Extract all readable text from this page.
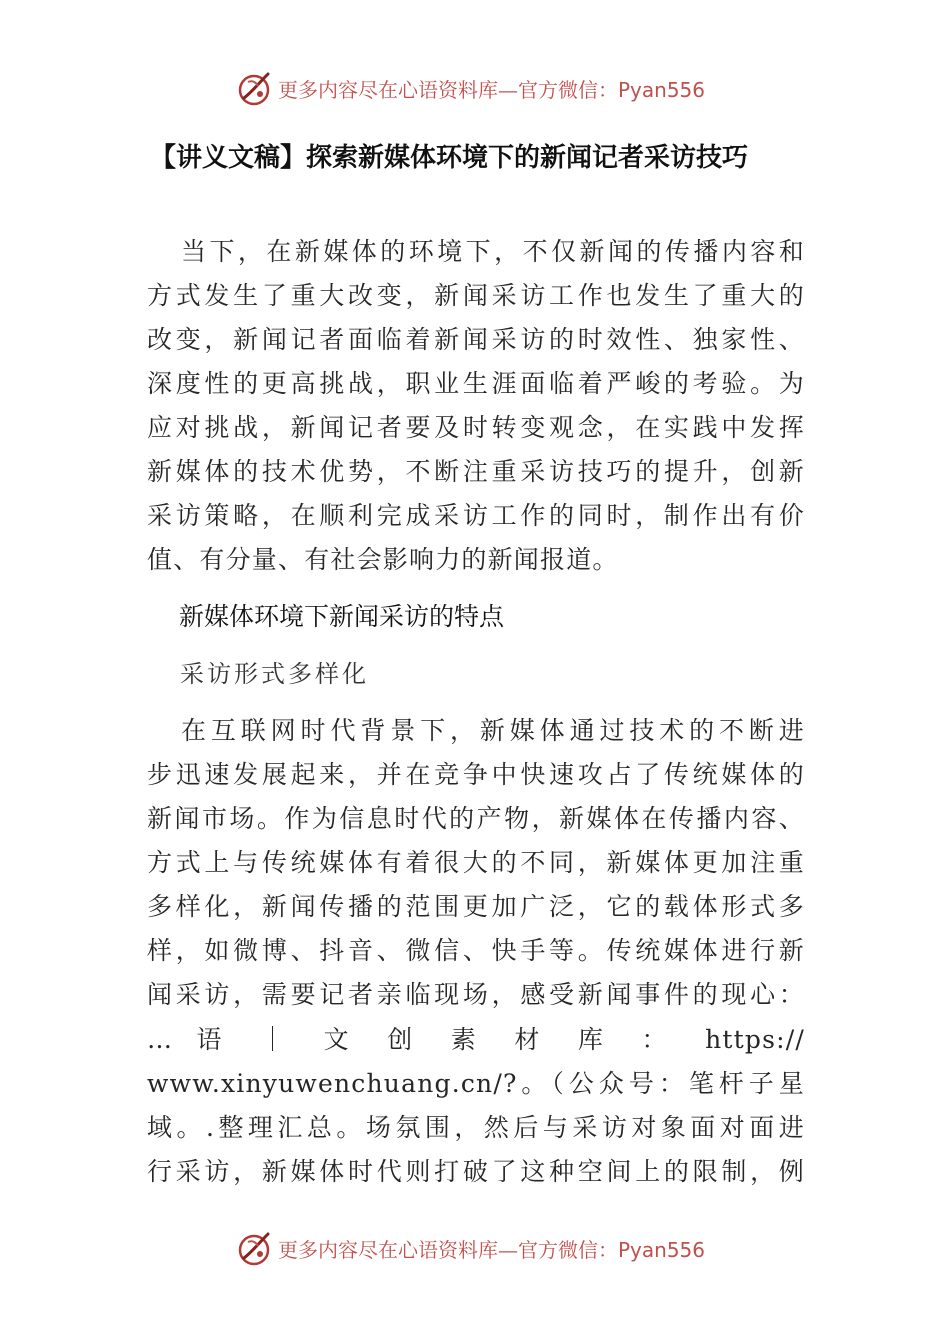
更多内容尽在心语资料库—官方微信：Pyan556
【讲义文稿】探索新媒体环境下的新闻记者采访技巧
当下，在新媒体的环境下，不仅新闻的传播内容和
方式发生了重大改变，新闻采访工作也发生了重大的
改变，新闻记者面临着新闻采访的时效性、独家性、
深度性的更高挑战，职业生涯面临着严峻的考验。为
应对挑战，新闻记者要及时转变观念，在实践中发挥
新媒体的技术优势，不断注重采访技巧的提升，创新
采访策略，在顺利完成采访工作的同时，制作出有价
值、有分量、有社会影响力的新闻报道。
新媒体环境下新闻采访的特点
采访形式多样化
在互联网时代背景下，新媒体通过技术的不断进
步迅速发展起来，并在竞争中快速攻占了传统媒体的
新闻市场。作为信息时代的产物，新媒体在传播内容、
方式上与传统媒体有着很大的不同，新媒体更加注重
多样化，新闻传播的范围更加广泛，它的载体形式多
样，如微博、抖音、微信、快手等。传统媒体进行新
闻采访，需要记者亲临现场，感受新闻事件的现心：
… 语 ｜ 文 创 素 材 库 ： https://
www.xinyuwenchuang.cn/?。（公众号：笔杆子星
域。.整理汇总。场氛围，然后与采访对象面对面进
行采访，新媒体时代则打破了这种空间上的限制，例
更多内容尽在心语资料库—官方微信：Pyan556
